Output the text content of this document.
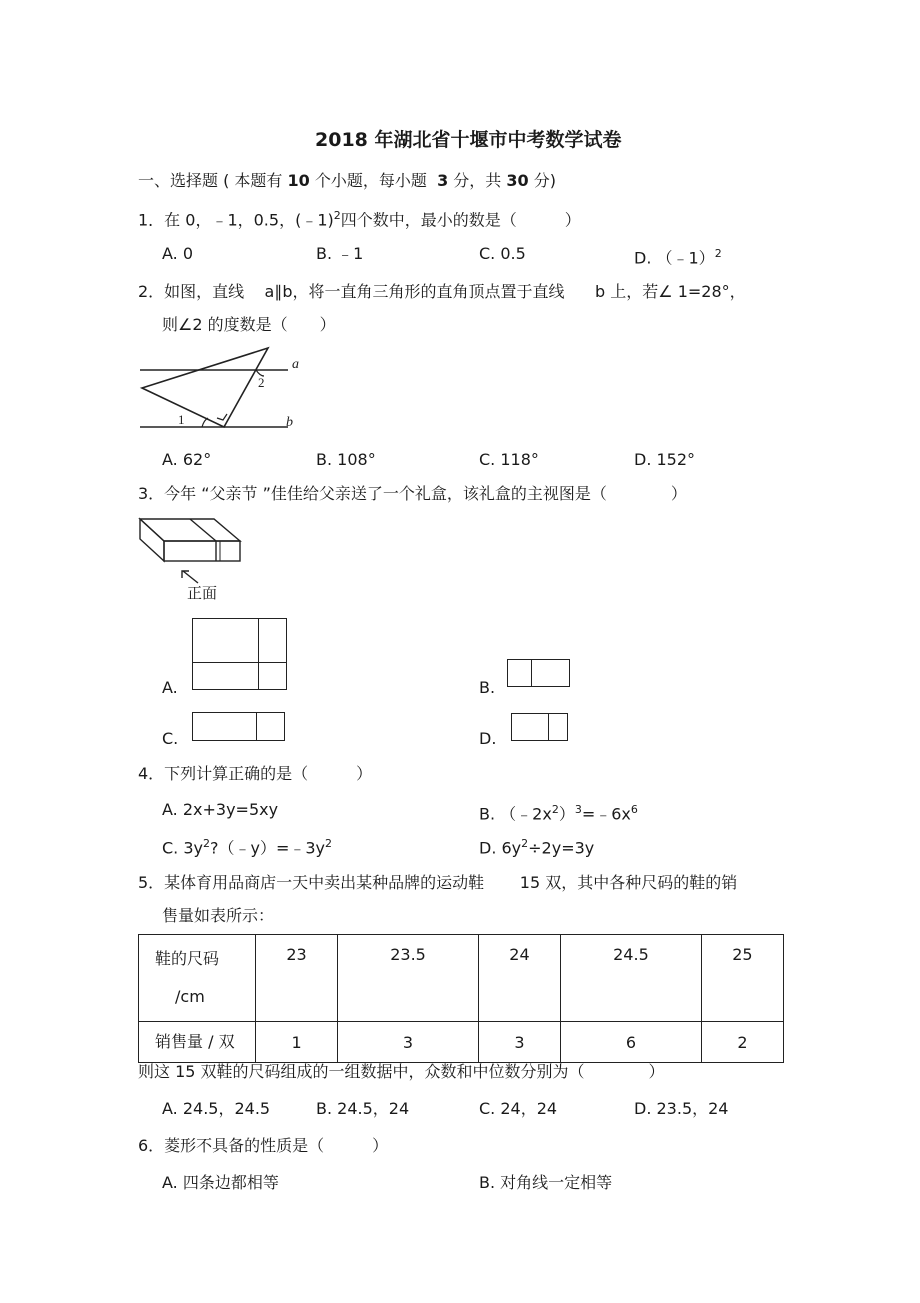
2018 年湖北省十堰市中考数学试卷
一、选择题 ( 本题有 10 个小题，每小题 3 分，共 30 分)
1．在 0，﹣1，0.5，(﹣1)$^2$四个数中，最小的数是（　　　）
A. 0	B. ﹣1	C. 0.5	D. （﹣1）$^2$
2．如图，直线 a∥b，将一直角三角形的直角顶点置于直线 b 上，若∠ 1=28°，
则∠2 的度数是（　　）
a
b
1
2
A. 62°	B. 108°	C. 118°	D. 152°
3．今年 “父亲节 ”佳佳给父亲送了一个礼盒，该礼盒的主视图是（　　　　）
正面
A.	B.
C.	D.
4．下列计算正确的是（　　　）
A. 2x+3y=5xy	B. $(﹣2x^2)^3=﹣6x^6$
C. $3y^2?(﹣y)=﹣3y^2$	D. $6y^2\div 2y=3y$
5．某体育用品商店一天中卖出某种品牌的运动鞋 15 双，其中各种尺码的鞋的销
售量如表所示：
鞋的尺码
/cm	23	23.5	24	24.5	25
销售量 / 双	1	3	3	6	2
则这 15 双鞋的尺码组成的一组数据中，众数和中位数分别为（　　　　）
A. 24.5，24.5	B. 24.5，24	C. 24，24	D. 23.5，24
6．菱形不具备的性质是（　　　）
A. 四条边都相等	B. 对角线一定相等
